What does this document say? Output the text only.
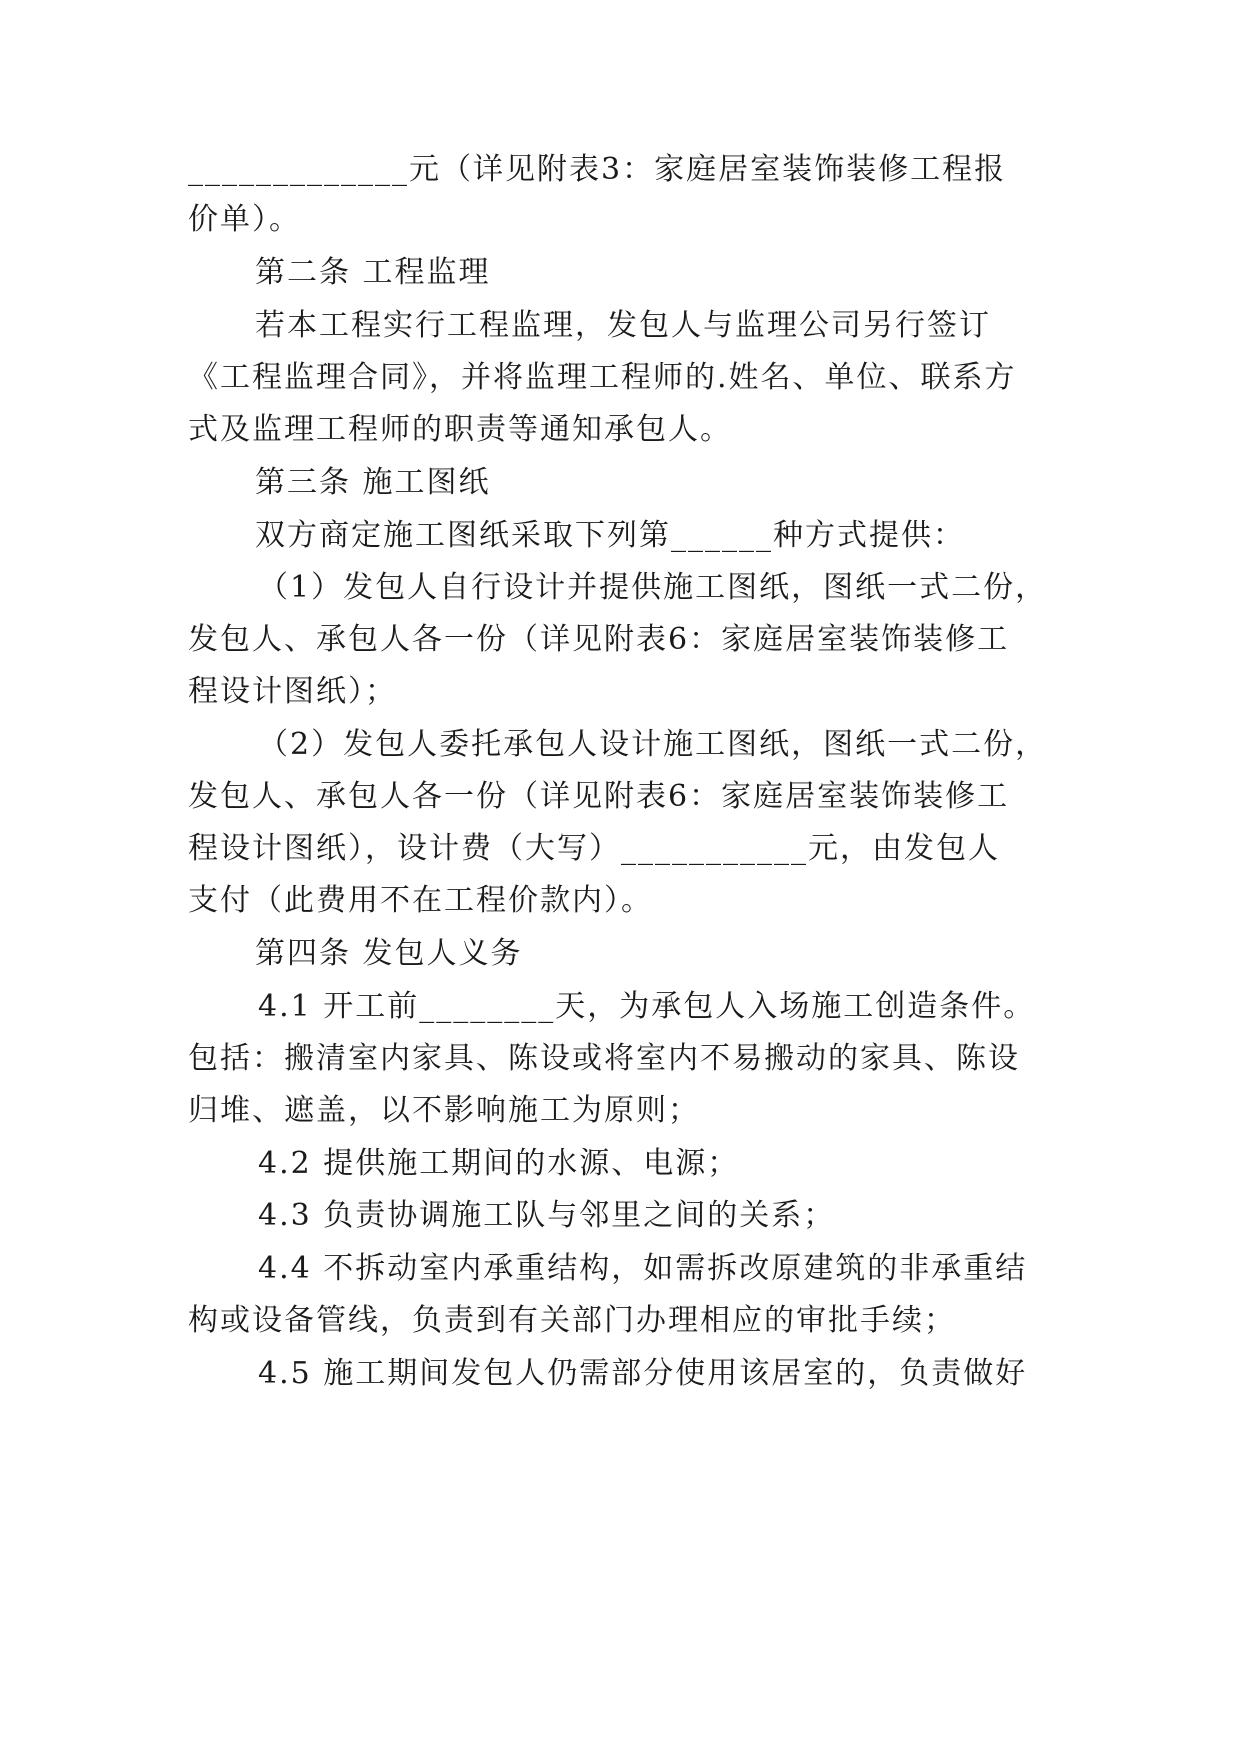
_____________元（详见附表3：家庭居室装饰装修工程报
价单）。
第二条 工程监理
若本工程实行工程监理，发包人与监理公司另行签订
《工程监理合同》，并将监理工程师的.姓名、单位、联系方
式及监理工程师的职责等通知承包人。
第三条 施工图纸
双方商定施工图纸采取下列第______种方式提供：
（1）发包人自行设计并提供施工图纸，图纸一式二份，
发包人、承包人各一份（详见附表6：家庭居室装饰装修工
程设计图纸）；
（2）发包人委托承包人设计施工图纸，图纸一式二份，
发包人、承包人各一份（详见附表6：家庭居室装饰装修工
程设计图纸），设计费（大写）___________元，由发包人
支付（此费用不在工程价款内）。
第四条 发包人义务
4.1 开工前________天，为承包人入场施工创造条件。
包括：搬清室内家具、陈设或将室内不易搬动的家具、陈设
归堆、遮盖，以不影响施工为原则；
4.2 提供施工期间的水源、电源；
4.3 负责协调施工队与邻里之间的关系；
4.4 不拆动室内承重结构，如需拆改原建筑的非承重结
构或设备管线，负责到有关部门办理相应的审批手续；
4.5 施工期间发包人仍需部分使用该居室的，负责做好
